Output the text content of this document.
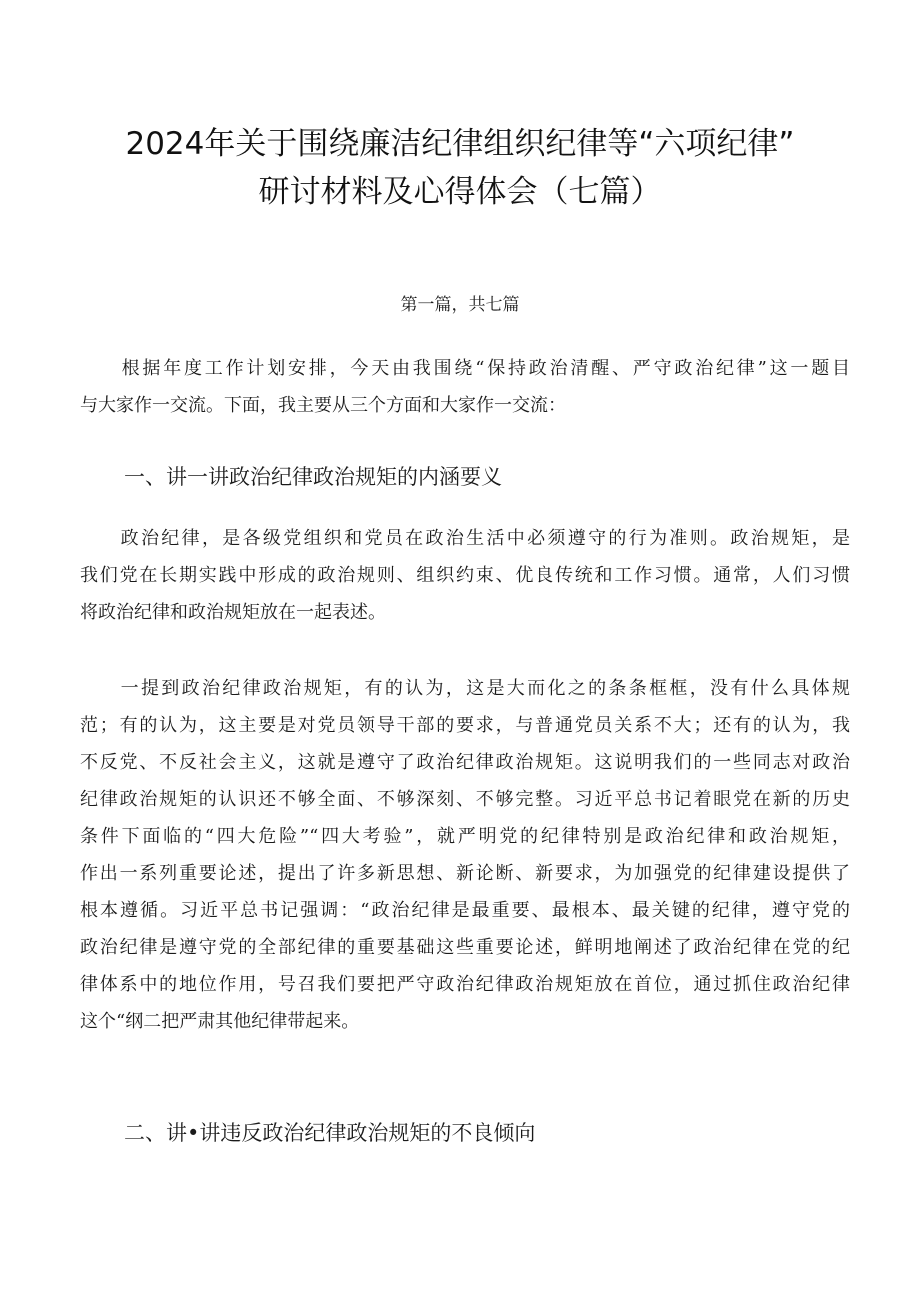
2024年关于围绕廉洁纪律组织纪律等“六项纪律”
研讨材料及心得体会（七篇）
第一篇，共七篇
　　根据年度工作计划安排，今天由我围绕“保持政治清醒、严守政治纪律”这一题目
与大家作一交流。下面，我主要从三个方面和大家作一交流：
一、讲一讲政治纪律政治规矩的内涵要义
　　政治纪律，是各级党组织和党员在政治生活中必须遵守的行为准则。政治规矩，是
我们党在长期实践中形成的政治规则、组织约束、优良传统和工作习惯。通常，人们习惯
将政治纪律和政治规矩放在一起表述。
　　一提到政治纪律政治规矩，有的认为，这是大而化之的条条框框，没有什么具体规
范；有的认为，这主要是对党员领导干部的要求，与普通党员关系不大；还有的认为，我
不反党、不反社会主义，这就是遵守了政治纪律政治规矩。这说明我们的一些同志对政治
纪律政治规矩的认识还不够全面、不够深刻、不够完整。习近平总书记着眼党在新的历史
条件下面临的“四大危险”“四大考验”，就严明党的纪律特别是政治纪律和政治规矩，
作出一系列重要论述，提出了许多新思想、新论断、新要求，为加强党的纪律建设提供了
根本遵循。习近平总书记强调：“政治纪律是最重要、最根本、最关键的纪律，遵守党的
政治纪律是遵守党的全部纪律的重要基础这些重要论述，鲜明地阐述了政治纪律在党的纪
律体系中的地位作用，号召我们要把严守政治纪律政治规矩放在首位，通过抓住政治纪律
这个“纲二把严肃其他纪律带起来。
二、讲•讲违反政治纪律政治规矩的不良倾向
